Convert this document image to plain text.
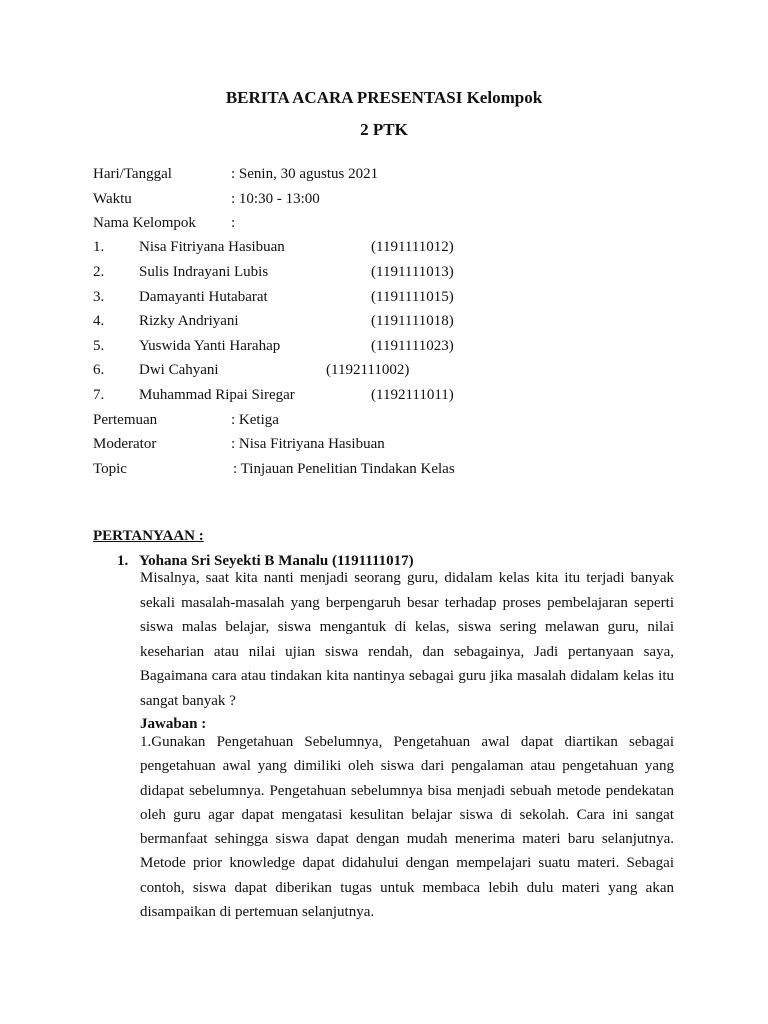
BERITA ACARA PRESENTASI Kelompok
2 PTK
Hari/Tanggal	: Senin, 30 agustus 2021
Waktu	: 10:30 - 13:00
Nama Kelompok :
1. Nisa Fitriyana Hasibuan	(1191111012)
2. Sulis Indrayani Lubis	(1191111013)
3. Damayanti Hutabarat	(1191111015)
4. Rizky Andriyani	(1191111018)
5. Yuswida Yanti Harahap	(1191111023)
6. Dwi Cahyani	(1192111002)
7. Muhammad Ripai Siregar	(1192111011)
Pertemuan	: Ketiga
Moderator	: Nisa Fitriyana Hasibuan
Topic	: Tinjauan Penelitian Tindakan Kelas
PERTANYAAN :
1. Yohana Sri Seyekti B Manalu (1191111017)
Misalnya, saat kita nanti menjadi seorang guru, didalam kelas kita itu terjadi banyak sekali masalah-masalah yang berpengaruh besar terhadap proses pembelajaran seperti siswa malas belajar, siswa mengantuk di kelas, siswa sering melawan guru, nilai keseharian atau nilai ujian siswa rendah, dan sebagainya, Jadi pertanyaan saya, Bagaimana cara atau tindakan kita nantinya sebagai guru jika masalah didalam kelas itu sangat banyak ?
Jawaban :
1.Gunakan Pengetahuan Sebelumnya, Pengetahuan awal dapat diartikan sebagai pengetahuan awal yang dimiliki oleh siswa dari pengalaman atau pengetahuan yang didapat sebelumnya. Pengetahuan sebelumnya bisa menjadi sebuah metode pendekatan oleh guru agar dapat mengatasi kesulitan belajar siswa di sekolah. Cara ini sangat bermanfaat sehingga siswa dapat dengan mudah menerima materi baru selanjutnya. Metode prior knowledge dapat didahului dengan mempelajari suatu materi. Sebagai contoh, siswa dapat diberikan tugas untuk membaca lebih dulu materi yang akan disampaikan di pertemuan selanjutnya.
